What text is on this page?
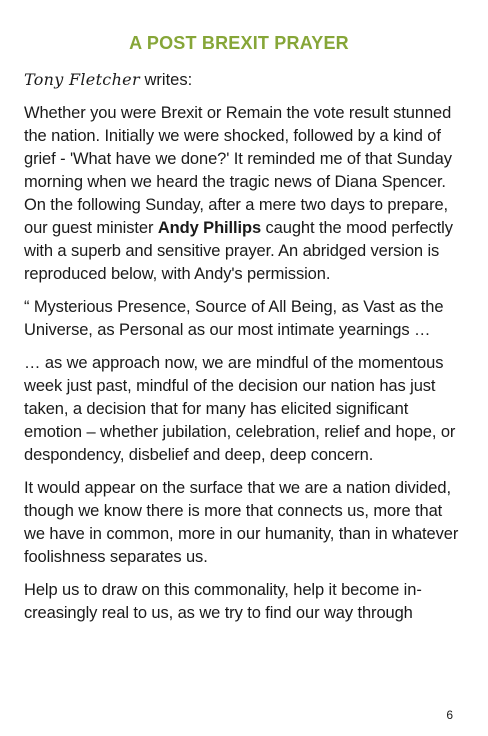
A POST BREXIT PRAYER

Tony Fletcher writes:

Whether you were Brexit or Remain the vote result stunned the nation. Initially we were shocked, followed by a kind of grief - 'What have we done?' It reminded me of that Sunday morning when we heard the tragic news of Diana Spencer. On the following Sunday, after a mere two days to prepare, our guest minister Andy Phillips caught the mood perfectly with a superb and sensitive prayer. An abridged version is reproduced below, with Andy's permission.

“ Mysterious Presence, Source of All Being, as Vast as the Universe, as Personal as our most intimate yearnings …

… as we approach now, we are mindful of the momentous week just past, mindful of the decision our nation has just taken, a decision that for many has elicited significant emotion – whether jubilation, celebration, relief and hope, or despondency, disbelief and deep, deep concern.

It would appear on the surface that we are a nation divided, though we know there is more that connects us, more that we have in common, more in our humanity, than in whatever foolishness separates us.

Help us to draw on this commonality, help it become increasingly real to us, as we try to find our way through

6
